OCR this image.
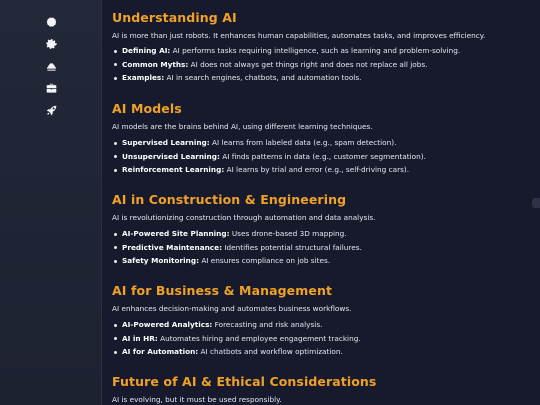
Understanding AI

AI is more than just robots. It enhances human capabilities, automates tasks, and improves efficiency.

Defining AI: AI performs tasks requiring intelligence, such as learning and problem-solving.
Common Myths: AI does not always get things right and does not replace all jobs.
Examples: AI in search engines, chatbots, and automation tools.
AI Models

AI models are the brains behind AI, using different learning techniques.

Supervised Learning: AI learns from labeled data (e.g., spam detection).
Unsupervised Learning: AI finds patterns in data (e.g., customer segmentation).
Reinforcement Learning: AI learns by trial and error (e.g., self-driving cars).
AI in Construction & Engineering

AI is revolutionizing construction through automation and data analysis.

AI-Powered Site Planning: Uses drone-based 3D mapping.
Predictive Maintenance: Identifies potential structural failures.
Safety Monitoring: AI ensures compliance on job sites.
AI for Business & Management

AI enhances decision-making and automates business workflows.

AI-Powered Analytics: Forecasting and risk analysis.
AI in HR: Automates hiring and employee engagement tracking.
AI for Automation: AI chatbots and workflow optimization.
Future of AI & Ethical Considerations

AI is evolving, but it must be used responsibly.
